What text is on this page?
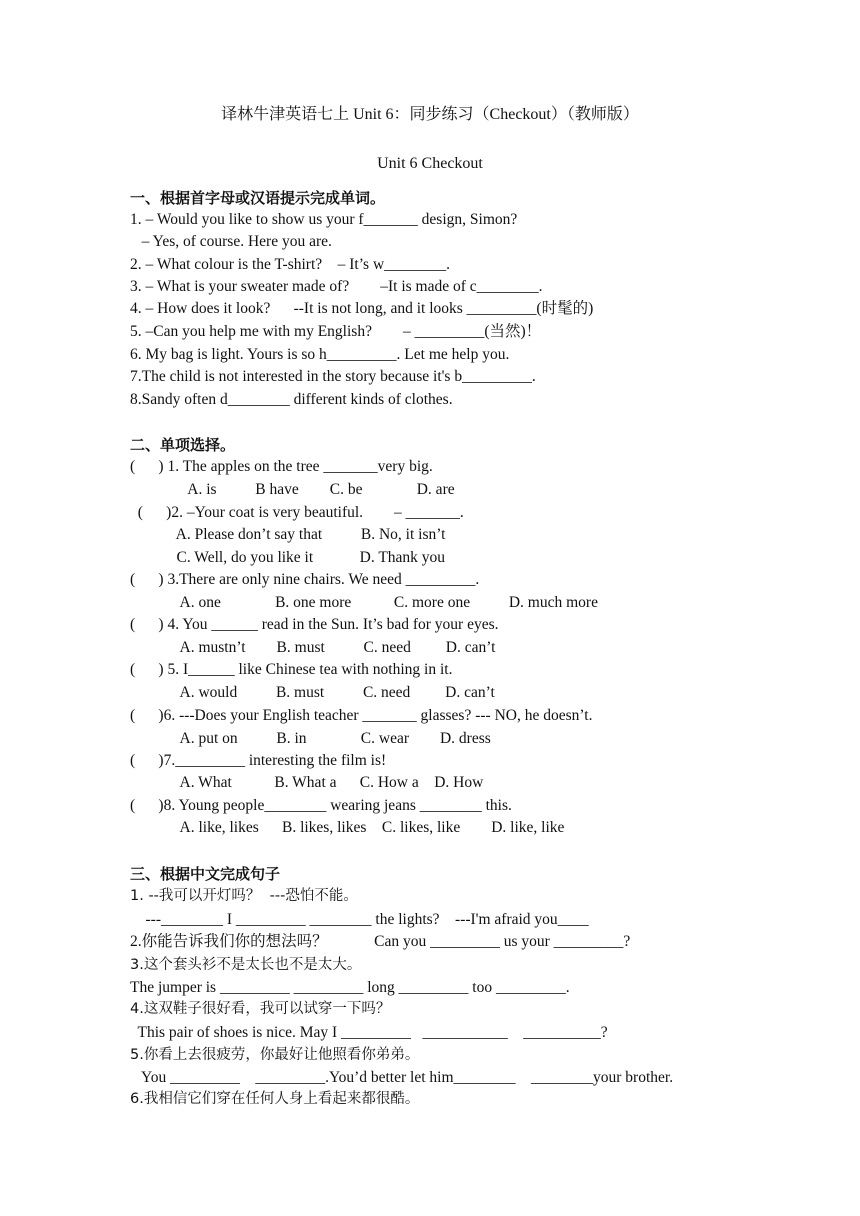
译林牛津英语七上 Unit 6：同步练习（Checkout）（教师版）
Unit 6 Checkout
一、根据首字母或汉语提示完成单词。
1. – Would you like to show us your f_______ design, Simon?
– Yes, of course. Here you are.
2. – What colour is the T-shirt?    – It’s w________.
3. – What is your sweater made of?        –It is made of c________.
4. – How does it look?      --It is not long, and it looks _________(时髦的)
5. –Can you help me with my English?        – _________(当然)！
6. My bag is light. Yours is so h_________. Let me help you.
7.The child is not interested in the story because it's b_________.
8.Sandy often d________ different kinds of clothes.
二、单项选择。
(      ) 1. The apples on the tree _______very big.
A. is          B have        C. be              D. are
(      )2. –Your coat is very beautiful.        – _______.
A. Please don’t say that          B. No, it isn’t
C. Well, do you like it            D. Thank you
(      ) 3.There are only nine chairs. We need _________.
A. one              B. one more           C. more one          D. much more
(      ) 4. You ______ read in the Sun. It’s bad for your eyes.
A. mustn’t        B. must          C. need         D. can’t
(      ) 5. I______ like Chinese tea with nothing in it.
A. would          B. must          C. need         D. can’t
(      )6. ---Does your English teacher _______ glasses? --- NO, he doesn’t.
A. put on          B. in              C. wear        D. dress
(      )7._________ interesting the film is!
A. What           B. What a      C. How a    D. How
(      )8. Young people________ wearing jeans ________ this.
A. like, likes      B. likes, likes    C. likes, like        D. like, like
三、根据中文完成句子
1. --我可以开灯吗？  ---恐怕不能。
---________ I _________ ________ the lights?    ---I'm afraid you____
2.你能告诉我们你的想法吗？            Can you _________ us your _________?
3.这个套头衫不是太长也不是太大。
The jumper is _________ _________ long _________ too _________.
4.这双鞋子很好看，我可以试穿一下吗？
This pair of shoes is nice. May I _________   ___________    __________?
5.你看上去很疲劳，你最好让他照看你弟弟。
You _________    _________.You’d better let him________    ________your brother.
6.我相信它们穿在任何人身上看起来都很酷。
